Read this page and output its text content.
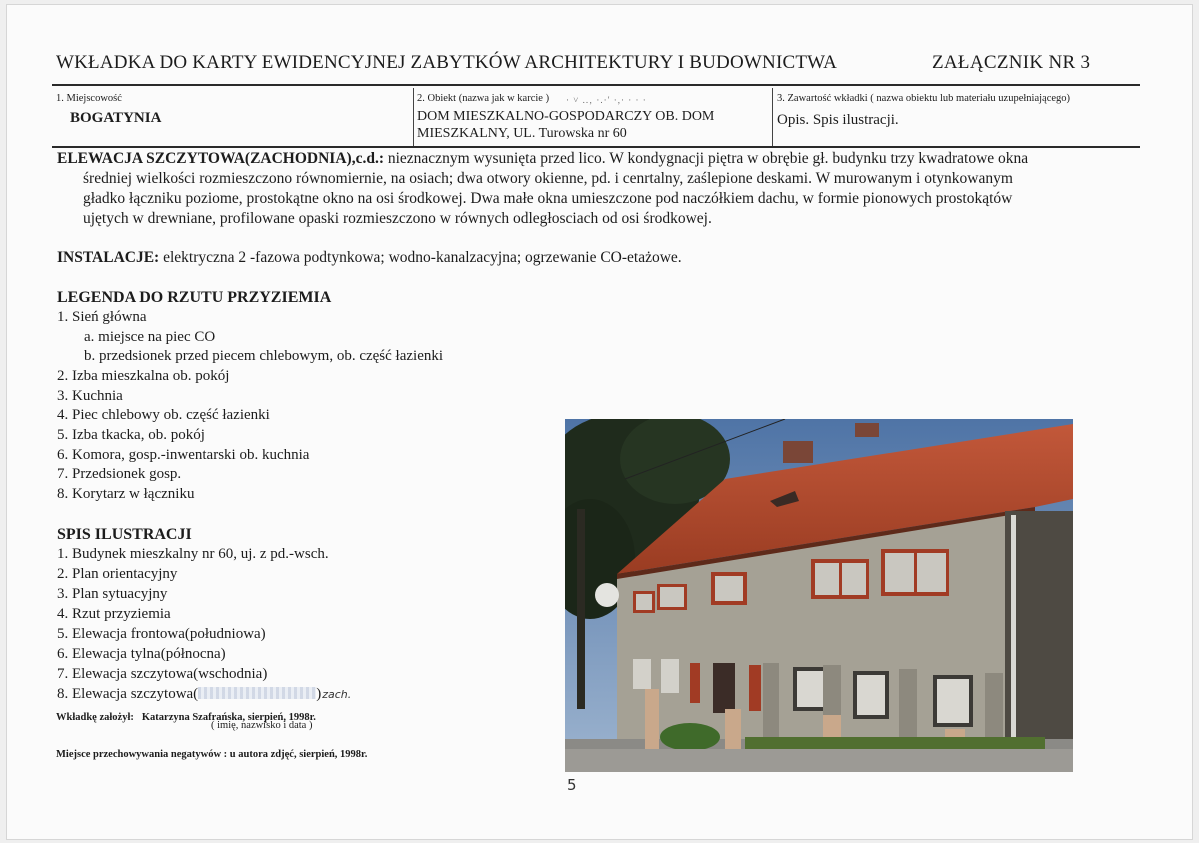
WKŁADKA DO KARTY EWIDENCYJNEJ ZABYTKÓW ARCHITEKTURY I BUDOWNICTWA	ZAŁĄCZNIK NR 3
1. Miejscowość
BOGATYNIA
2. Obiekt (nazwa jak w karcie ) · ˅ ..‚ ·.·′ ·,· · · ·
DOM MIESZKALNO-GOSPODARCZY OB. DOM
MIESZKALNY, UL. Turowska nr 60
3. Zawartość wkładki ( nazwa obiektu lub materiału uzupełniającego)
Opis. Spis ilustracji.
ELEWACJA SZCZYTOWA(ZACHODNIA),c.d.: nieznacznym wysunięta przed lico. W kondygnacji piętra w obrębie gł. budynku trzy kwadratowe okna
średniej wielkości rozmieszczono równomiernie, na osiach; dwa otwory okienne, pd. i cenrtalny, zaślepione deskami. W murowanym i otynkowanym
gładko łączniku poziome, prostokątne okno na osi środkowej. Dwa małe okna umieszczone pod naczółkiem dachu, w formie pionowych prostokątów
ujętych w drewniane, profilowane opaski rozmieszczono w równych odległosciach od osi środkowej.
INSTALACJE: elektryczna 2 -fazowa podtynkowa; wodno-kanalzacyjna; ogrzewanie CO-etażowe.
LEGENDA DO RZUTU PRZYZIEMIA
1. Sień główna
a. miejsce na piec CO
b. przedsionek przed piecem chlebowym, ob. część łazienki
2. Izba mieszkalna ob. pokój
3. Kuchnia
4. Piec chlebowy ob. część łazienki
5. Izba tkacka, ob. pokój
6. Komora, gosp.-inwentarski ob. kuchnia
7. Przedsionek gosp.
8. Korytarz w łączniku
SPIS ILUSTRACJI
1. Budynek mieszkalny nr 60, uj. z pd.-wsch.
2. Plan orientacyjny
3. Plan sytuacyjny
4. Rzut przyziemia
5. Elewacja frontowa(południowa)
6. Elewacja tylna(północna)
7. Elewacja szczytowa(wschodnia)
8. Elewacja szczytowa(	)zach.
Wkładkę założył: Katarzyna Szafrańska, sierpień, 1998r.
( imię, nazwisko i data )
Miejsce przechowywania negatywów : u autora zdjęć, sierpień, 1998r.
5
